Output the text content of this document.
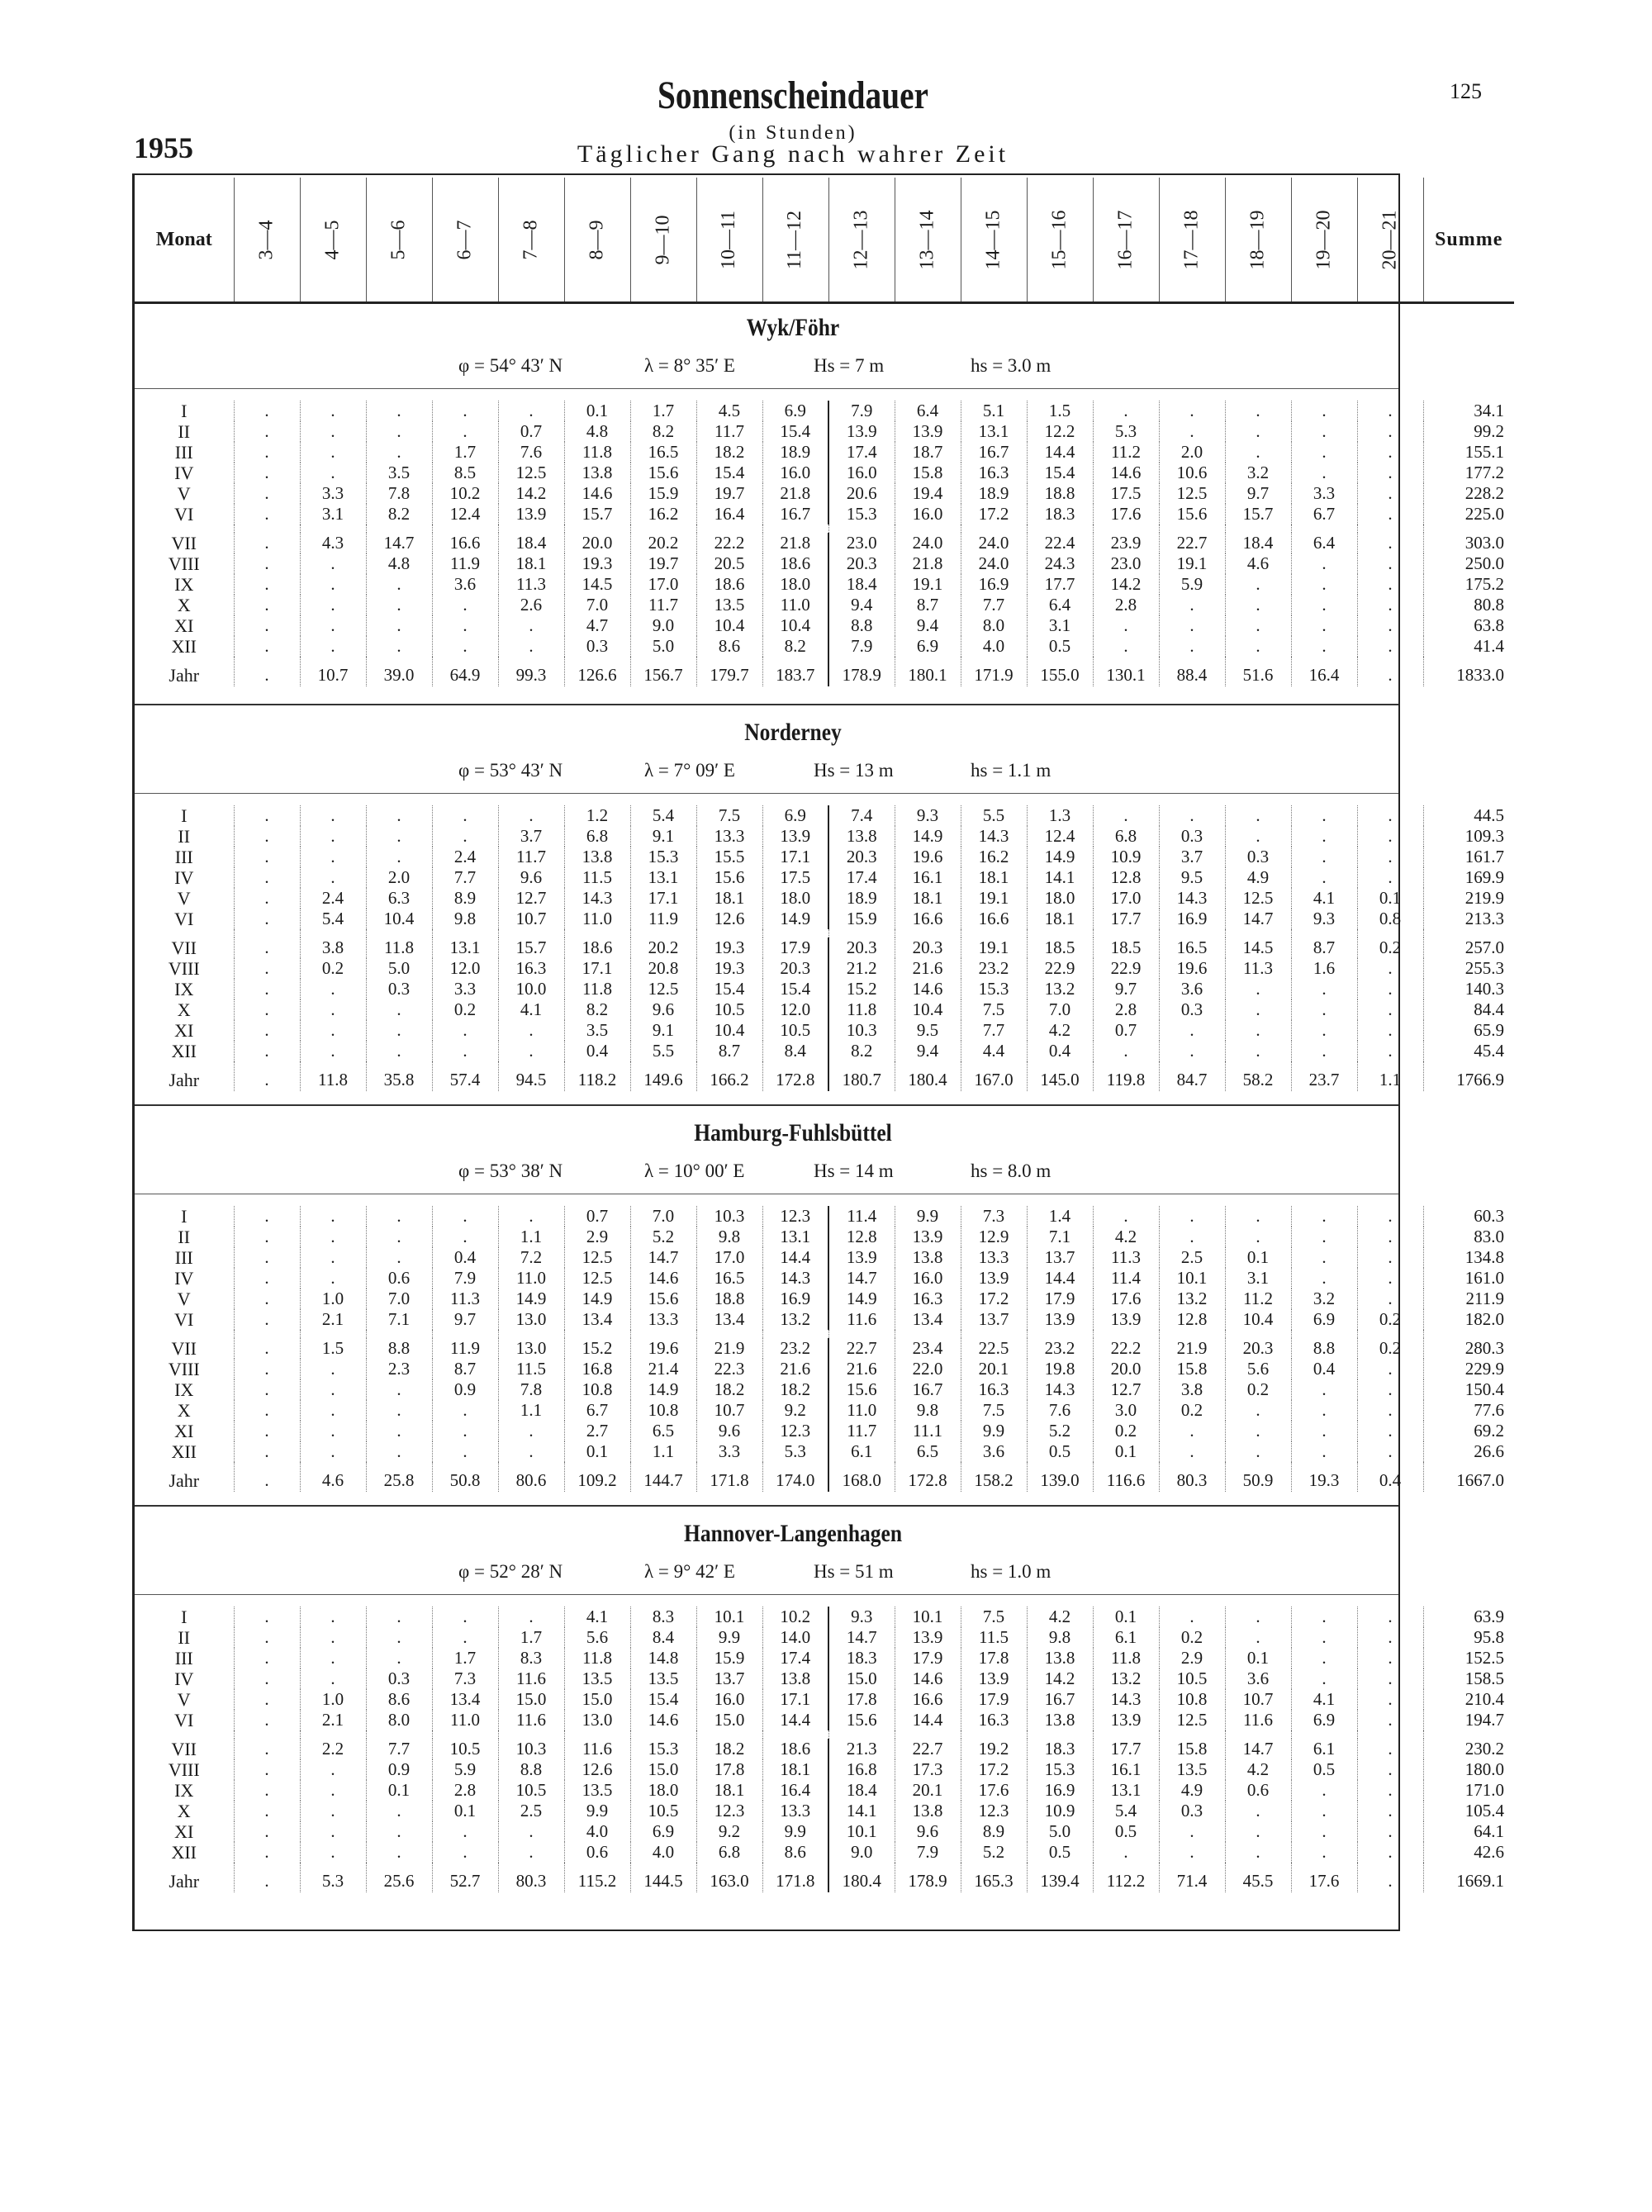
125
1955
Sonnenscheindauer
(in Stunden)
Täglicher Gang nach wahrer Zeit
Monat	3—4	4—5	5—6	6—7	7—8	8—9	9—10	10—11	11—12	12—13	13—14	14—15	15—16	16—17	17—18	18—19	19—20	20—21	Summe
Wyk/Föhr
φ = 54° 43′ N	λ = 8° 35′ E	Hs = 7 m	hs = 3.0 m
I	.	.	.	.	.	0.1	1.7	4.5	6.9	7.9	6.4	5.1	1.5	.	.	.	.	.	34.1
II	.	.	.	.	0.7	4.8	8.2	11.7	15.4	13.9	13.9	13.1	12.2	5.3	.	.	.	.	99.2
III	.	.	.	1.7	7.6	11.8	16.5	18.2	18.9	17.4	18.7	16.7	14.4	11.2	2.0	.	.	.	155.1
IV	.	.	3.5	8.5	12.5	13.8	15.6	15.4	16.0	16.0	15.8	16.3	15.4	14.6	10.6	3.2	.	.	177.2
V	.	3.3	7.8	10.2	14.2	14.6	15.9	19.7	21.8	20.6	19.4	18.9	18.8	17.5	12.5	9.7	3.3	.	228.2
VI	.	3.1	8.2	12.4	13.9	15.7	16.2	16.4	16.7	15.3	16.0	17.2	18.3	17.6	15.6	15.7	6.7	.	225.0

VII	.	4.3	14.7	16.6	18.4	20.0	20.2	22.2	21.8	23.0	24.0	24.0	22.4	23.9	22.7	18.4	6.4	.	303.0
VIII	.	.	4.8	11.9	18.1	19.3	19.7	20.5	18.6	20.3	21.8	24.0	24.3	23.0	19.1	4.6	.	.	250.0
IX	.	.	.	3.6	11.3	14.5	17.0	18.6	18.0	18.4	19.1	16.9	17.7	14.2	5.9	.	.	.	175.2
X	.	.	.	.	2.6	7.0	11.7	13.5	11.0	9.4	8.7	7.7	6.4	2.8	.	.	.	.	80.8
XI	.	.	.	.	.	4.7	9.0	10.4	10.4	8.8	9.4	8.0	3.1	.	.	.	.	.	63.8
XII	.	.	.	.	.	0.3	5.0	8.6	8.2	7.9	6.9	4.0	0.5	.	.	.	.	.	41.4
Jahr	.	10.7	39.0	64.9	99.3	126.6	156.7	179.7	183.7	178.9	180.1	171.9	155.0	130.1	88.4	51.6	16.4	.	1833.0
Norderney
φ = 53° 43′ N	λ = 7° 09′ E	Hs = 13 m	hs = 1.1 m
I	.	.	.	.	.	1.2	5.4	7.5	6.9	7.4	9.3	5.5	1.3	.	.	.	.	.	44.5
II	.	.	.	.	3.7	6.8	9.1	13.3	13.9	13.8	14.9	14.3	12.4	6.8	0.3	.	.	.	109.3
III	.	.	.	2.4	11.7	13.8	15.3	15.5	17.1	20.3	19.6	16.2	14.9	10.9	3.7	0.3	.	.	161.7
IV	.	.	2.0	7.7	9.6	11.5	13.1	15.6	17.5	17.4	16.1	18.1	14.1	12.8	9.5	4.9	.	.	169.9
V	.	2.4	6.3	8.9	12.7	14.3	17.1	18.1	18.0	18.9	18.1	19.1	18.0	17.0	14.3	12.5	4.1	0.1	219.9
VI	.	5.4	10.4	9.8	10.7	11.0	11.9	12.6	14.9	15.9	16.6	16.6	18.1	17.7	16.9	14.7	9.3	0.8	213.3

VII	.	3.8	11.8	13.1	15.7	18.6	20.2	19.3	17.9	20.3	20.3	19.1	18.5	18.5	16.5	14.5	8.7	0.2	257.0
VIII	.	0.2	5.0	12.0	16.3	17.1	20.8	19.3	20.3	21.2	21.6	23.2	22.9	22.9	19.6	11.3	1.6	.	255.3
IX	.	.	0.3	3.3	10.0	11.8	12.5	15.4	15.4	15.2	14.6	15.3	13.2	9.7	3.6	.	.	.	140.3
X	.	.	.	0.2	4.1	8.2	9.6	10.5	12.0	11.8	10.4	7.5	7.0	2.8	0.3	.	.	.	84.4
XI	.	.	.	.	.	3.5	9.1	10.4	10.5	10.3	9.5	7.7	4.2	0.7	.	.	.	.	65.9
XII	.	.	.	.	.	0.4	5.5	8.7	8.4	8.2	9.4	4.4	0.4	.	.	.	.	.	45.4
Jahr	.	11.8	35.8	57.4	94.5	118.2	149.6	166.2	172.8	180.7	180.4	167.0	145.0	119.8	84.7	58.2	23.7	1.1	1766.9
Hamburg-Fuhlsbüttel
φ = 53° 38′ N	λ = 10° 00′ E	Hs = 14 m	hs = 8.0 m
I	.	.	.	.	.	0.7	7.0	10.3	12.3	11.4	9.9	7.3	1.4	.	.	.	.	.	60.3
II	.	.	.	.	1.1	2.9	5.2	9.8	13.1	12.8	13.9	12.9	7.1	4.2	.	.	.	.	83.0
III	.	.	.	0.4	7.2	12.5	14.7	17.0	14.4	13.9	13.8	13.3	13.7	11.3	2.5	0.1	.	.	134.8
IV	.	.	0.6	7.9	11.0	12.5	14.6	16.5	14.3	14.7	16.0	13.9	14.4	11.4	10.1	3.1	.	.	161.0
V	.	1.0	7.0	11.3	14.9	14.9	15.6	18.8	16.9	14.9	16.3	17.2	17.9	17.6	13.2	11.2	3.2	.	211.9
VI	.	2.1	7.1	9.7	13.0	13.4	13.3	13.4	13.2	11.6	13.4	13.7	13.9	13.9	12.8	10.4	6.9	0.2	182.0

VII	.	1.5	8.8	11.9	13.0	15.2	19.6	21.9	23.2	22.7	23.4	22.5	23.2	22.2	21.9	20.3	8.8	0.2	280.3
VIII	.	.	2.3	8.7	11.5	16.8	21.4	22.3	21.6	21.6	22.0	20.1	19.8	20.0	15.8	5.6	0.4	.	229.9
IX	.	.	.	0.9	7.8	10.8	14.9	18.2	18.2	15.6	16.7	16.3	14.3	12.7	3.8	0.2	.	.	150.4
X	.	.	.	.	1.1	6.7	10.8	10.7	9.2	11.0	9.8	7.5	7.6	3.0	0.2	.	.	.	77.6
XI	.	.	.	.	.	2.7	6.5	9.6	12.3	11.7	11.1	9.9	5.2	0.2	.	.	.	.	69.2
XII	.	.	.	.	.	0.1	1.1	3.3	5.3	6.1	6.5	3.6	0.5	0.1	.	.	.	.	26.6
Jahr	.	4.6	25.8	50.8	80.6	109.2	144.7	171.8	174.0	168.0	172.8	158.2	139.0	116.6	80.3	50.9	19.3	0.4	1667.0
Hannover-Langenhagen
φ = 52° 28′ N	λ = 9° 42′ E	Hs = 51 m	hs = 1.0 m
I	.	.	.	.	.	4.1	8.3	10.1	10.2	9.3	10.1	7.5	4.2	0.1	.	.	.	.	63.9
II	.	.	.	.	1.7	5.6	8.4	9.9	14.0	14.7	13.9	11.5	9.8	6.1	0.2	.	.	.	95.8
III	.	.	.	1.7	8.3	11.8	14.8	15.9	17.4	18.3	17.9	17.8	13.8	11.8	2.9	0.1	.	.	152.5
IV	.	.	0.3	7.3	11.6	13.5	13.5	13.7	13.8	15.0	14.6	13.9	14.2	13.2	10.5	3.6	.	.	158.5
V	.	1.0	8.6	13.4	15.0	15.0	15.4	16.0	17.1	17.8	16.6	17.9	16.7	14.3	10.8	10.7	4.1	.	210.4
VI	.	2.1	8.0	11.0	11.6	13.0	14.6	15.0	14.4	15.6	14.4	16.3	13.8	13.9	12.5	11.6	6.9	.	194.7

VII	.	2.2	7.7	10.5	10.3	11.6	15.3	18.2	18.6	21.3	22.7	19.2	18.3	17.7	15.8	14.7	6.1	.	230.2
VIII	.	.	0.9	5.9	8.8	12.6	15.0	17.8	18.1	16.8	17.3	17.2	15.3	16.1	13.5	4.2	0.5	.	180.0
IX	.	.	0.1	2.8	10.5	13.5	18.0	18.1	16.4	18.4	20.1	17.6	16.9	13.1	4.9	0.6	.	.	171.0
X	.	.	.	0.1	2.5	9.9	10.5	12.3	13.3	14.1	13.8	12.3	10.9	5.4	0.3	.	.	.	105.4
XI	.	.	.	.	.	4.0	6.9	9.2	9.9	10.1	9.6	8.9	5.0	0.5	.	.	.	.	64.1
XII	.	.	.	.	.	0.6	4.0	6.8	8.6	9.0	7.9	5.2	0.5	.	.	.	.	.	42.6
Jahr	.	5.3	25.6	52.7	80.3	115.2	144.5	163.0	171.8	180.4	178.9	165.3	139.4	112.2	71.4	45.5	17.6	.	1669.1
